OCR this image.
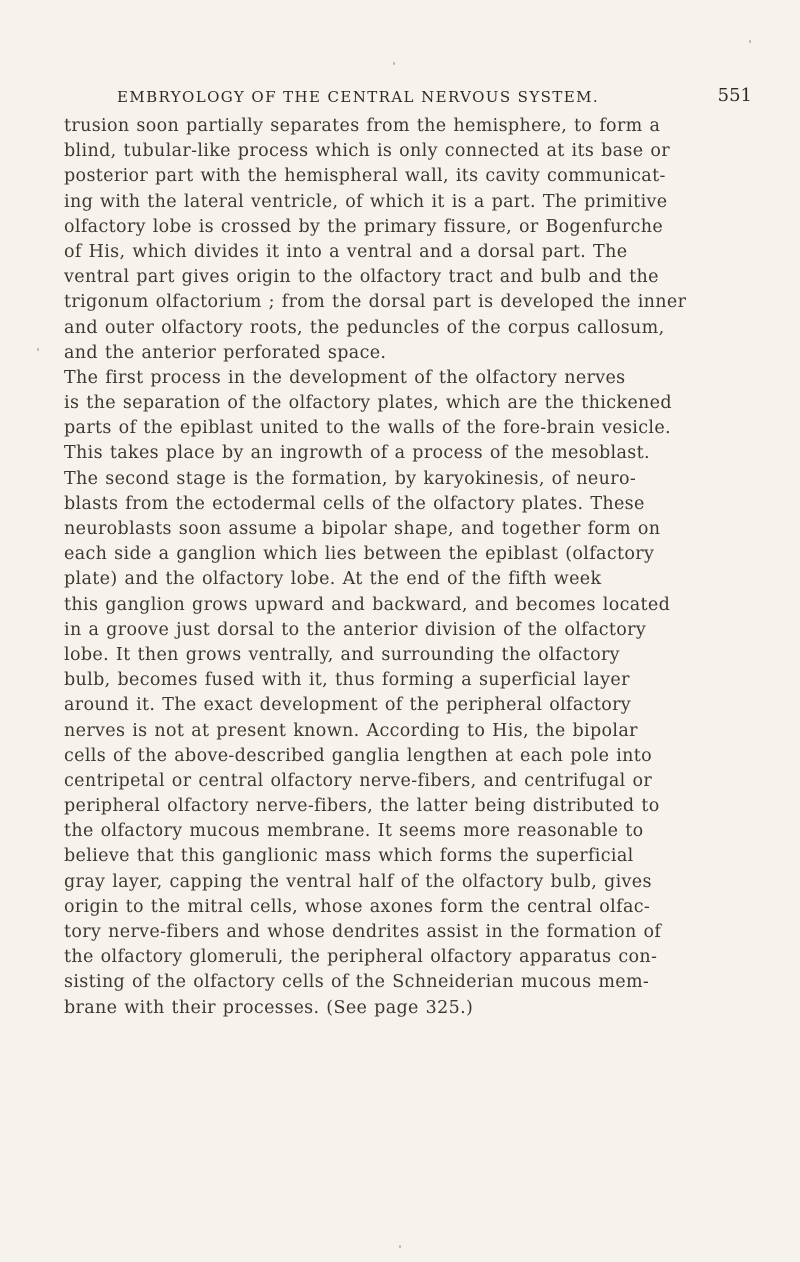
EMBRYOLOGY OF THE CENTRAL NERVOUS SYSTEM.	551
trusion soon partially separates from the hemisphere, to form a
blind, tubular-like process which is only connected at its base or
posterior part with the hemispheral wall, its cavity communicat-
ing with the lateral ventricle, of which it is a part. The primitive
olfactory lobe is crossed by the primary fissure, or Bogenfurche
of His, which divides it into a ventral and a dorsal part. The
ventral part gives origin to the olfactory tract and bulb and the
trigonum olfactorium ; from the dorsal part is developed the inner
and outer olfactory roots, the peduncles of the corpus callosum,
and the anterior perforated space.
The first process in the development of the olfactory nerves
is the separation of the olfactory plates, which are the thickened
parts of the epiblast united to the walls of the fore-brain vesicle.
This takes place by an ingrowth of a process of the mesoblast.
The second stage is the formation, by karyokinesis, of neuro-
blasts from the ectodermal cells of the olfactory plates. These
neuroblasts soon assume a bipolar shape, and together form on
each side a ganglion which lies between the epiblast (olfactory
plate) and the olfactory lobe. At the end of the fifth week
this ganglion grows upward and backward, and becomes located
in a groove just dorsal to the anterior division of the olfactory
lobe. It then grows ventrally, and surrounding the olfactory
bulb, becomes fused with it, thus forming a superficial layer
around it. The exact development of the peripheral olfactory
nerves is not at present known. According to His, the bipolar
cells of the above-described ganglia lengthen at each pole into
centripetal or central olfactory nerve-fibers, and centrifugal or
peripheral olfactory nerve-fibers, the latter being distributed to
the olfactory mucous membrane. It seems more reasonable to
believe that this ganglionic mass which forms the superficial
gray layer, capping the ventral half of the olfactory bulb, gives
origin to the mitral cells, whose axones form the central olfac-
tory nerve-fibers and whose dendrites assist in the formation of
the olfactory glomeruli, the peripheral olfactory apparatus con-
sisting of the olfactory cells of the Schneiderian mucous mem-
brane with their processes. (See page 325.)
